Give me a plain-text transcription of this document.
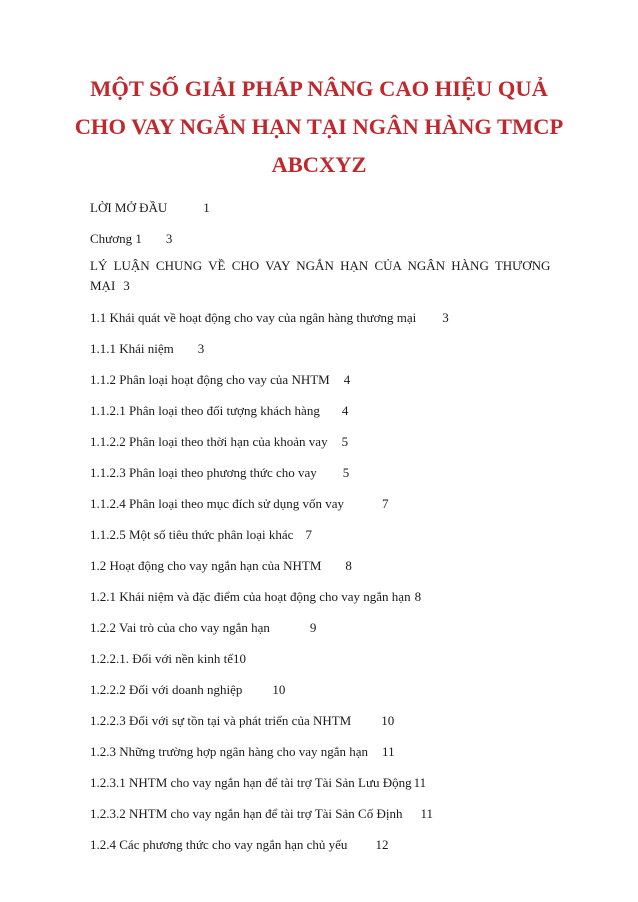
MỘT SỐ GIẢI PHÁP NÂNG CAO HIỆU QUẢ
CHO VAY NGẮN HẠN TẠI NGÂN HÀNG TMCP
ABCXYZ
LỜI MỞ ĐẦU	1
Chương 1 3
LÝ LUẬN CHUNG VỀ CHO VAY NGẮN HẠN CỦA NGÂN HÀNG THƯƠNG MẠI 3
1.1 Khái quát về hoạt động cho vay của ngân hàng thương mại 3
1.1.1 Khái niệm 3
1.1.2 Phân loại hoạt động cho vay của NHTM 4
1.1.2.1 Phân loại theo đối tượng khách hàng 4
1.1.2.2 Phân loại theo thời hạn của khoản vay 5
1.1.2.3 Phân loại theo phương thức cho vay 5
1.1.2.4 Phân loại theo mục đích sử dụng vốn vay	7
1.1.2.5 Một số tiêu thức phân loại khác 7
1.2 Hoạt động cho vay ngắn hạn của NHTM 8
1.2.1 Khái niệm và đặc điểm của hoạt động cho vay ngắn hạn 8
1.2.2 Vai trò của cho vay ngắn hạn	9
1.2.2.1. Đối với nền kinh tế10
1.2.2.2 Đối với doanh nghiệp 10
1.2.2.3 Đối với sự tồn tại và phát triển của NHTM 10
1.2.3 Những trường hợp ngân hàng cho vay ngắn hạn 11
1.2.3.1 NHTM cho vay ngắn hạn để tài trợ Tài Sản Lưu Động 11
1.2.3.2 NHTM cho vay ngắn hạn để tài trợ Tài Sản Cố Định 11
1.2.4 Các phương thức cho vay ngắn hạn chủ yếu 12
